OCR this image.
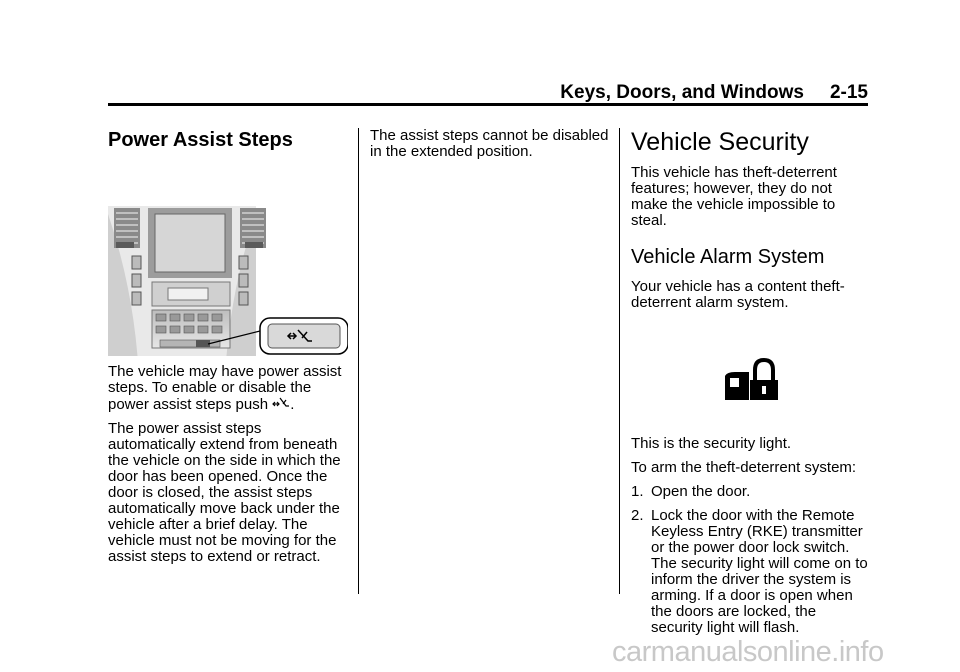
Keys, Doors, and Windows 2-15
Power Assist Steps

The vehicle may have power assist steps. To enable or disable the power assist steps push .

The power assist steps automatically extend from beneath the vehicle on the side in which the door has been opened. Once the door is closed, the assist steps automatically move back under the vehicle after a brief delay. The vehicle must not be moving for the assist steps to extend or retract.

The assist steps cannot be disabled in the extended position.	Vehicle Security

This vehicle has theft-deterrent features; however, they do not make the vehicle impossible to steal.

Vehicle Alarm System

Your vehicle has a content theft-deterrent alarm system.

This is the security light.

To arm the theft-deterrent system:

1. Open the door.
2. Lock the door with the Remote Keyless Entry (RKE) transmitter or the power door lock switch. The security light will come on to inform the driver the system is arming. If a door is open when the doors are locked, the security light will flash.
carmanualsonline.info
